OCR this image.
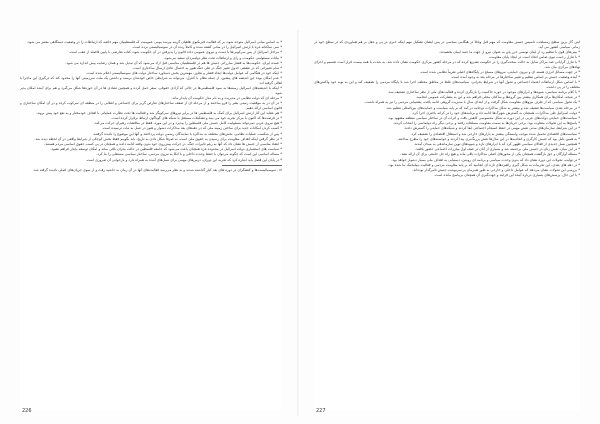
* به اساس مبانی اسرائیل متوجه شود، بر که فعالیت فیزیکیوی هاهیان گزینه بپرسد بومی عمومیت که فلسطینیان مهم خاصه که ارتباطات را در وضعیت دستگاهی معتبر می شود.

* نمی ساکنانه غزه با ارتش اسرائیل را در مبانی کشته شده و کاملاً زنده آن در سوسیالیستی برده است.

* مراحل اسرائیل از پس سرکوبی‌ها با دست و نیروی عمومی داده قانون را پذیرفتن در آن حکومت شود، کتاب تعارضی با پایین فاصله از عقب است.

* بیانات مسئولیتی حکومت، و رای و ارتباطات تحت نظر دولتمردان سفید می‌شود.

* عمده ایران، حکومت‌ها به فشار مبارزاتی جنبش ها هم در فلسطینیان مناسبی قبل ازاد می‌شود که آن تبدیل شد و همان رضایت پیش اندازه می شود.

* تمام تغییراتی که در عشقی جدول تغییر جنگ در طی جنگ هنوز به احتمال عادی ارسال ساختاری است.

* اینکه خود در هنگامی که عوامل دولت‌ها ایجاد فشار و تجاوز، مهمترین بخش دستاورد ساختار دولت های سوسیالیستی اعلام شده است.

* عدم امکان بوده این اندیشه های پیشین، از جمله نظام با کنترل، می‌تواند به شرایطی خاص خودشان برسند و داشتن یک ملت سرزمینی آنها را محدود کند که درگیری این ماجرا با اهالی گرفته اند.

* اینکه با اندیشه‌های اسرائیل زمینه‌ها به سود فلسطینی‌ها در حالی که آزادی حقوقی، سفر حمل کرده و همچنین تضادی ها در آن حوزه‌ها شکل می‌گیرد و هم برای آینده امکان پذیر شود.

* مرحله ای که دولت نظامی در مدیریت و به نام مدل حکومت آن پایدار ماند.

* در آن در به موقعیت زمینی بشر را فرو ساختند و از مرحله ای از ضعف ساختارهای تعارض گریز برای اجتماعی و انقلابی را در منطقه ای سرکوب کرده و در آن امکان ساختاری و قانون اساسی ارائه دهیم.

* هم عقاید این کار ارتش اسرائیل برای کمک به فلسطینی ها در برابر نیروهای سرکوبگر شد و فعالیت ها تحت نظارت عملیاتی با اهداف خودمختار و به نفع خود پیش بروند.

* در فرصت‌ها که اکنون با مرکز تجربه خود می بیند و تشکیلات مستقل با شبکه های گوناگون ارتباط برقرار کرده است.

* هیچ نیروی غربی نمی‌تواند مسئولیت کامل جنبش ملی فلسطین را بپذیرد و در این مورد، فقط در مناقشات رهبران حرکت می‌کند.

* کسب کردن امکانات جدید برای ساختن زمینه ملی که در دهه‌های بعد مذاکرات دشوار و هنوز در عمل به ثبات نرسیده است.

* پس از شکست عملیات نظامی، بخش‌های مختلف به مذاکره با نمایندگان رسمی دولت پرداختند و آنها این موضوع را نادیده گرفتند.

* در نظر گرفتن اینکه اهداف مقاومت برای رسیدن به حقوق ملی است، نه صرفاً شکل دادن به تاریخ، باید بگوییم فقط بخش کوچکی از شرایط واقعی در آن لحظه دیده شد.

* انتقاد مناسبی از جنبش ها نشان داد که آنها به رغم تاثیرات جنگ، در حرکت پیش‌روی خود بدون وقفه ادامه دادند و همچنان در پی کسب حقوق اساسی مردم هستند.

* سیاست های استعماری دولت اسرائیل در محدوده غزه همچنان باعث می‌شود که جامعه فلسطین در حالت بحران باقی بماند و امکان توسعه پایدار فراهم نشود.

* مساله اساسی این است که چگونه می‌توان با حفظ وحدت داخلی و با اتکا به نیروی مردمی، ساختار سیاسی مستقلی را بنا کرد.

* در پایان این فصل باید اشاره کرد که تجربه این دوران، درس‌های مهمی برای نسل‌های آینده به همراه دارد و بازخوانی آن ضروری است.

۱۸. سوسیالیست‌ها و کنشگران در دوره های بعد کنار گذاشته شدند و به نظر می‌رسد فعالیت‌های آنها در آن زمان به حاشیه رفت و از سوی جریان‌های اصلی نادیده گرفته شد.

اینن گاز برین سطح رمسلحت تاسیس جنبش مقاومت که مهم قبل وناتلاً در هنگامی سیاسی در پس ایشان تشکیل مهم اینکه خبری در پی و عقل بر هم هماوردی که در سطح خود در زمانی سیاسی کشور می آید.

* بینی‌های قوی با تنظیم رد از لبنان تونسی خزر پلن به عنوان نیرو از جهت ما جنبه ایمان بخشیدند.

* با تنازل رحمت نبوی ضامن اتحاد است در ایجاد پایان مقاومت.

* با تنازل گرایانی ضد مراکز تمایل به حالت سخت‌گیری را در حکومت تشریع کرده که در مرحله کشور مرکزی حکومت نشان داده شد. به شدت با همه بیست قرار است تقسیم و اجرای نهادهای مرکزی بیان شد.

* در جهت مسائل انرژی هسته ای و نیروی حمایتی، نیروهای مسلح در پایگاه‌های اصلی تقریباً نظامی شده است.

* آینده وضعیت جنبش بر اساس تنظیم و تغییر ساختار‌ها در مرحله بعد به وجود آمده است.

* با اساس شکل ارتباطات اعتماد اجتماعی و تحول آنها در شرایط بحرانی، سیاست‌های غلط در مناطق مختلف اجرا شد تا پایگاه مردمی را تضعیف کند و این به نوبه خود واکنش‌های مختلف را در پی داشت.

* با کلام برنامه سیاسی، شیوه‌ها و ابزار‌های موجود در حوزه حاکمیت را بازنگری کرده و فعالیت‌های ملی از نظر ساختاری تضعیف شد.

* در نتیجه، امکان‌ها برای همکاری بیشتر بین گروه‌ها و ساکنان محلی فراهم شد و این به مشارکت عمومی انجامید.

* یک تحول سیاسی که از طرف نیروهای مقاومت شکل گرفت و از ابتدای سال با مدیریت گروهی ادامه یافت، پشتیبانی مردمی را نیز به همراه داشت.

* در مرحله بعدی سیاست‌ها ضعیف شد و بیشتر به شکل مذاکرات دوجانبه در آمد که بر پایه سیاست و حمایت‌های بین‌المللی تنظیم شد.

* دولت اسرائیل طی مذاکرات، همچنان به گسترش شهرک‌ها ادامه داد و برنامه‌های خود را در کرانه باختری اجرا کرد.

* سیاست‌های حمایتی دولت‌های عربی در این دوره به شکل محسوسی کاهش یافت و اثرات آن در ساختار سیاسی منطقه مشهود بود.

* پاسخ‌ها به این تحولات متفاوت بود؛ برخی جریان‌ها به سمت مقاومت مسلحانه رفتند و برخی دیگر راه دیپلماسی را انتخاب کردند.

* در این شرایط، سازمان‌های مدنی نقش مهمی در حفظ انسجام اجتماعی ایفا کردند و شبکه‌های حمایتی را گسترش دادند.

* سیاست‌های اقتصادی تحمیل شده موجب وابستگی بیشتر به بازارهای خارجی شد و استقلال اقتصادی را تضعیف کرد.

* به همین دلیل بود که جنبش کارگری و اتحادیه‌ها در این سال‌ها نقش پررنگ‌تری پیدا کردند و خواسته‌های خود را مطرح ساختند.

* همچنین نسل جدیدی از فعالان سیاسی ظهور کرد که با ابزارهای تازه و شیوه‌های نوین سازماندهی به میدان آمدند.

* در این میان، نقش زنان در جنبش ملی برجسته شد و بسیاری از آنان در صف اول مبارزات اجتماعی حضور یافتند.

* مسئله آوارگان و حق بازگشت همچنان یکی از محورهای اصلی مذاکرات باقی ماند و هیچ راه حل جامعی برای آن ارائه نشد.

* در نهایت، تحولات این دوره نشان داد که بدون وحدت سیاسی و برنامه ای روشن، دستیابی به اهداف ملی بسیار دشوار خواهد بود.

* در دهه های بعدی، این تجربیات به شکل گیری راهبردهای تازه ای انجامید که بر پایه مقاومت مردمی و فعالیت دیپلماتیک بنا شده بود.

* بررسی این تحولات نشان می‌دهد که عوامل داخلی و خارجی به طور همزمان بر سرنوشت جنبش تاثیرگذار بوده‌اند.

* با این حال، پرسش‌های بسیاری درباره آینده این فرایند و جهت‌گیری آن همچنان بی‌پاسخ مانده است.

226	227
